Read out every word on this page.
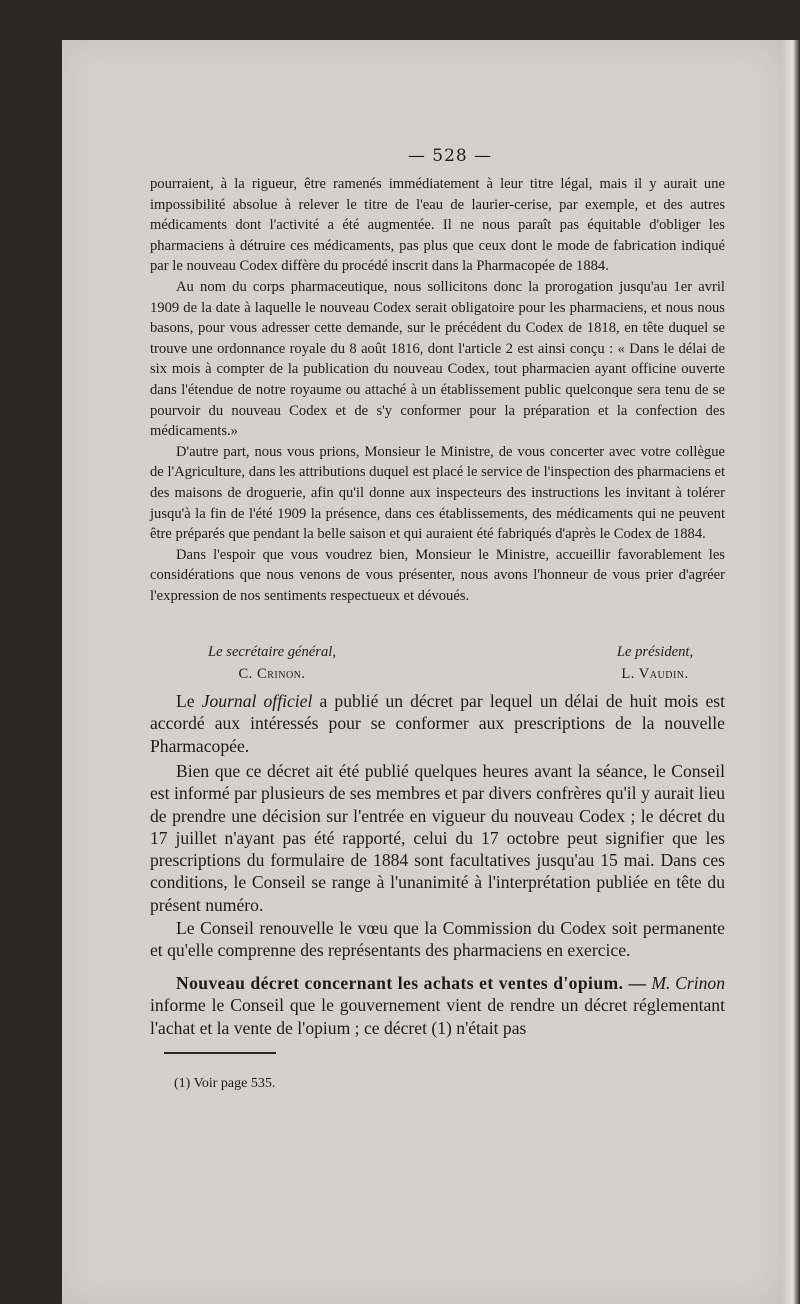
— 528 —

pourraient, à la rigueur, être ramenés immédiatement à leur titre légal, mais il y aurait une impossibilité absolue à relever le titre de l'eau de laurier-cerise, par exemple, et des autres médicaments dont l'activité a été augmentée. Il ne nous paraît pas équitable d'obliger les pharmaciens à détruire ces médicaments, pas plus que ceux dont le mode de fabrication indiqué par le nouveau Codex diffère du procédé inscrit dans la Pharmacopée de 1884.

Au nom du corps pharmaceutique, nous sollicitons donc la prorogation jusqu'au 1er avril 1909 de la date à laquelle le nouveau Codex serait obligatoire pour les pharmaciens, et nous nous basons, pour vous adresser cette demande, sur le précédent du Codex de 1818, en tête duquel se trouve une ordonnance royale du 8 août 1816, dont l'article 2 est ainsi conçu : « Dans le délai de six mois à compter de la publication du nouveau Codex, tout pharmacien ayant officine ouverte dans l'étendue de notre royaume ou attaché à un établissement public quelconque sera tenu de se pourvoir du nouveau Codex et de s'y conformer pour la préparation et la confection des médicaments.»

D'autre part, nous vous prions, Monsieur le Ministre, de vous concerter avec votre collègue de l'Agriculture, dans les attributions duquel est placé le service de l'inspection des pharmaciens et des maisons de droguerie, afin qu'il donne aux inspecteurs des instructions les invitant à tolérer jusqu'à la fin de l'été 1909 la présence, dans ces établissements, des médicaments qui ne peuvent être préparés que pendant la belle saison et qui auraient été fabriqués d'après le Codex de 1884.

Dans l'espoir que vous voudrez bien, Monsieur le Ministre, accueillir favorablement les considérations que nous venons de vous présenter, nous avons l'honneur de vous prier d'agréer l'expression de nos sentiments respectueux et dévoués.

Le secrétaire général,
C. Crinon.
Le président,
L. Vaudin.

Le Journal officiel a publié un décret par lequel un délai de huit mois est accordé aux intéressés pour se conformer aux prescriptions de la nouvelle Pharmacopée.

Bien que ce décret ait été publié quelques heures avant la séance, le Conseil est informé par plusieurs de ses membres et par divers confrères qu'il y aurait lieu de prendre une décision sur l'entrée en vigueur du nouveau Codex ; le décret du 17 juillet n'ayant pas été rapporté, celui du 17 octobre peut signifier que les prescriptions du formulaire de 1884 sont facultatives jusqu'au 15 mai. Dans ces conditions, le Conseil se range à l'unanimité à l'interprétation publiée en tête du présent numéro.

Le Conseil renouvelle le vœu que la Commission du Codex soit permanente et qu'elle comprenne des représentants des pharmaciens en exercice.

Nouveau décret concernant les achats et ventes d'opium. — M. Crinon informe le Conseil que le gouvernement vient de rendre un décret réglementant l'achat et la vente de l'opium ; ce décret (1) n'était pas

(1) Voir page 535.
